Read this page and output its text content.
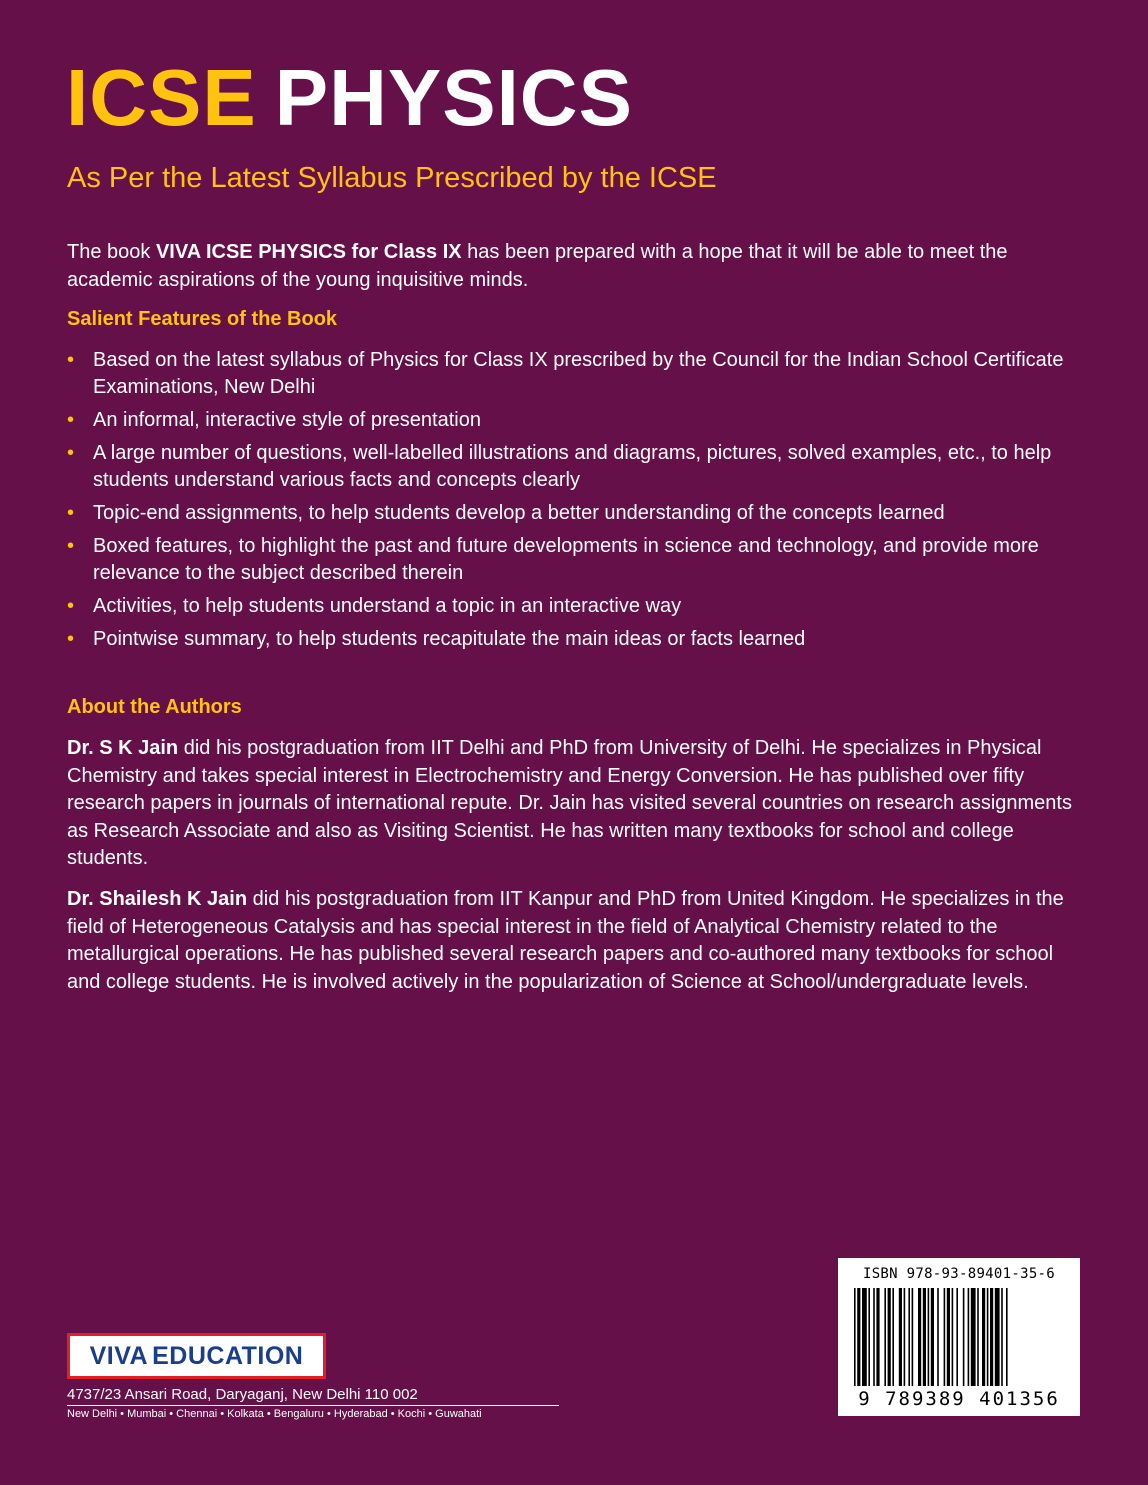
ICSE PHYSICS

As Per the Latest Syllabus Prescribed by the ICSE

The book VIVA ICSE PHYSICS for Class IX has been prepared with a hope that it will be able to meet the academic aspirations of the young inquisitive minds.

Salient Features of the Book
• Based on the latest syllabus of Physics for Class IX prescribed by the Council for the Indian School Certificate Examinations, New Delhi
• An informal, interactive style of presentation
• A large number of questions, well-labelled illustrations and diagrams, pictures, solved examples, etc., to help students understand various facts and concepts clearly
• Topic-end assignments, to help students develop a better understanding of the concepts learned
• Boxed features, to highlight the past and future developments in science and technology, and provide more relevance to the subject described therein
• Activities, to help students understand a topic in an interactive way
• Pointwise summary, to help students recapitulate the main ideas or facts learned
About the Authors

Dr. S K Jain did his postgraduation from IIT Delhi and PhD from University of Delhi. He specializes in Physical Chemistry and takes special interest in Electrochemistry and Energy Conversion. He has published over fifty research papers in journals of international repute. Dr. Jain has visited several countries on research assignments as Research Associate and also as Visiting Scientist. He has written many textbooks for school and college students.

Dr. Shailesh K Jain did his postgraduation from IIT Kanpur and PhD from United Kingdom. He specializes in the field of Heterogeneous Catalysis and has special interest in the field of Analytical Chemistry related to the metallurgical operations. He has published several research papers and co-authored many textbooks for school and college students. He is involved actively in the popularization of Science at School/undergraduate levels.

VIVA EDUCATION

4737/23 Ansari Road, Daryaganj, New Delhi 110 002

New Delhi • Mumbai • Chennai • Kolkata • Bengaluru • Hyderabad • Kochi • Guwahati

ISBN 978-93-89401-35-6

9 789389 401356
